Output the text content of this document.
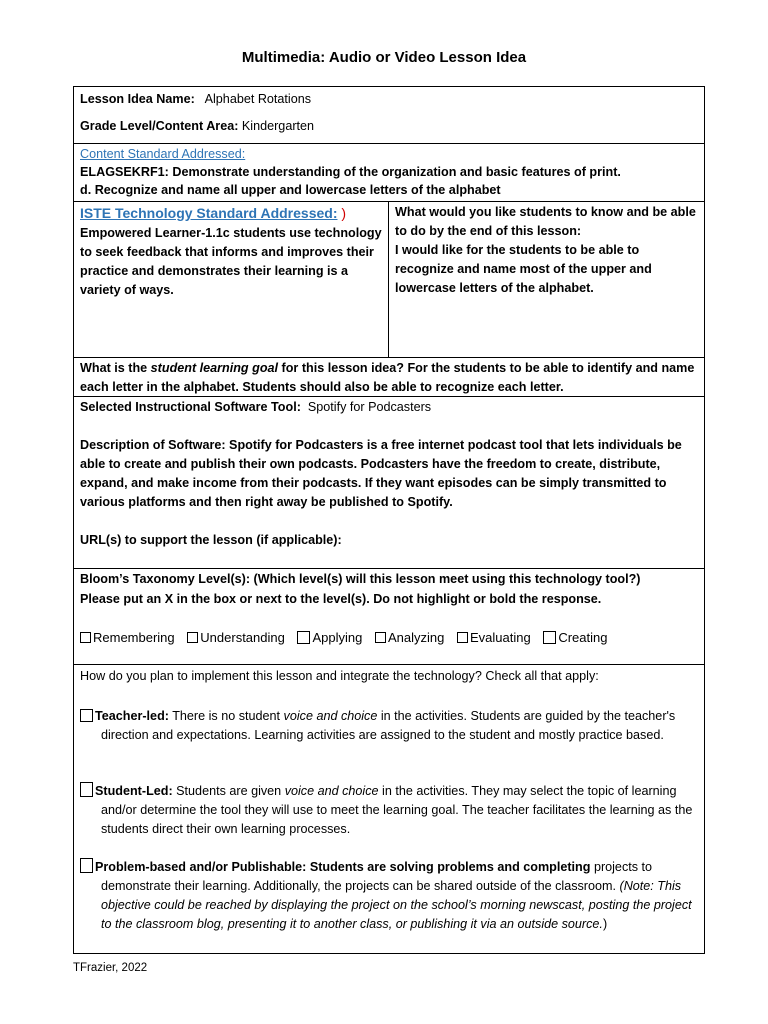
Multimedia: Audio or Video Lesson Idea
Lesson Idea Name: Alphabet Rotations
Grade Level/Content Area: Kindergarten
Content Standard Addressed:
ELAGSEKRF1: Demonstrate understanding of the organization and basic features of print.
d. Recognize and name all upper and lowercase letters of the alphabet
ISTE Technology Standard Addressed: )
Empowered Learner-1.1c students use technology to seek feedback that informs and improves their practice and demonstrates their learning is a variety of ways.
What would you like students to know and be able to do by the end of this lesson:
I would like for the students to be able to recognize and name most of the upper and lowercase letters of the alphabet.
What is the student learning goal for this lesson idea? For the students to be able to identify and name each letter in the alphabet. Students should also be able to recognize each letter.
Selected Instructional Software Tool: Spotify for Podcasters
Description of Software: Spotify for Podcasters is a free internet podcast tool that lets individuals be able to create and publish their own podcasts. Podcasters have the freedom to create, distribute, expand, and make income from their podcasts. If they want episodes can be simply transmitted to various platforms and then right away be published to Spotify.
URL(s) to support the lesson (if applicable):
Bloom’s Taxonomy Level(s): (Which level(s) will this lesson meet using this technology tool?)
Please put an X in the box or next to the level(s). Do not highlight or bold the response.
Remembering Understanding Applying Analyzing Evaluating Creating
How do you plan to implement this lesson and integrate the technology? Check all that apply:
Teacher-led: There is no student voice and choice in the activities. Students are guided by the teacher's direction and expectations. Learning activities are assigned to the student and mostly practice based.
Student-Led: Students are given voice and choice in the activities. They may select the topic of learning and/or determine the tool they will use to meet the learning goal. The teacher facilitates the learning as the students direct their own learning processes.
Problem-based and/or Publishable: Students are solving problems and completing projects to demonstrate their learning. Additionally, the projects can be shared outside of the classroom. (Note: This objective could be reached by displaying the project on the school’s morning newscast, posting the project to the classroom blog, presenting it to another class, or publishing it via an outside source.)
TFrazier, 2022
